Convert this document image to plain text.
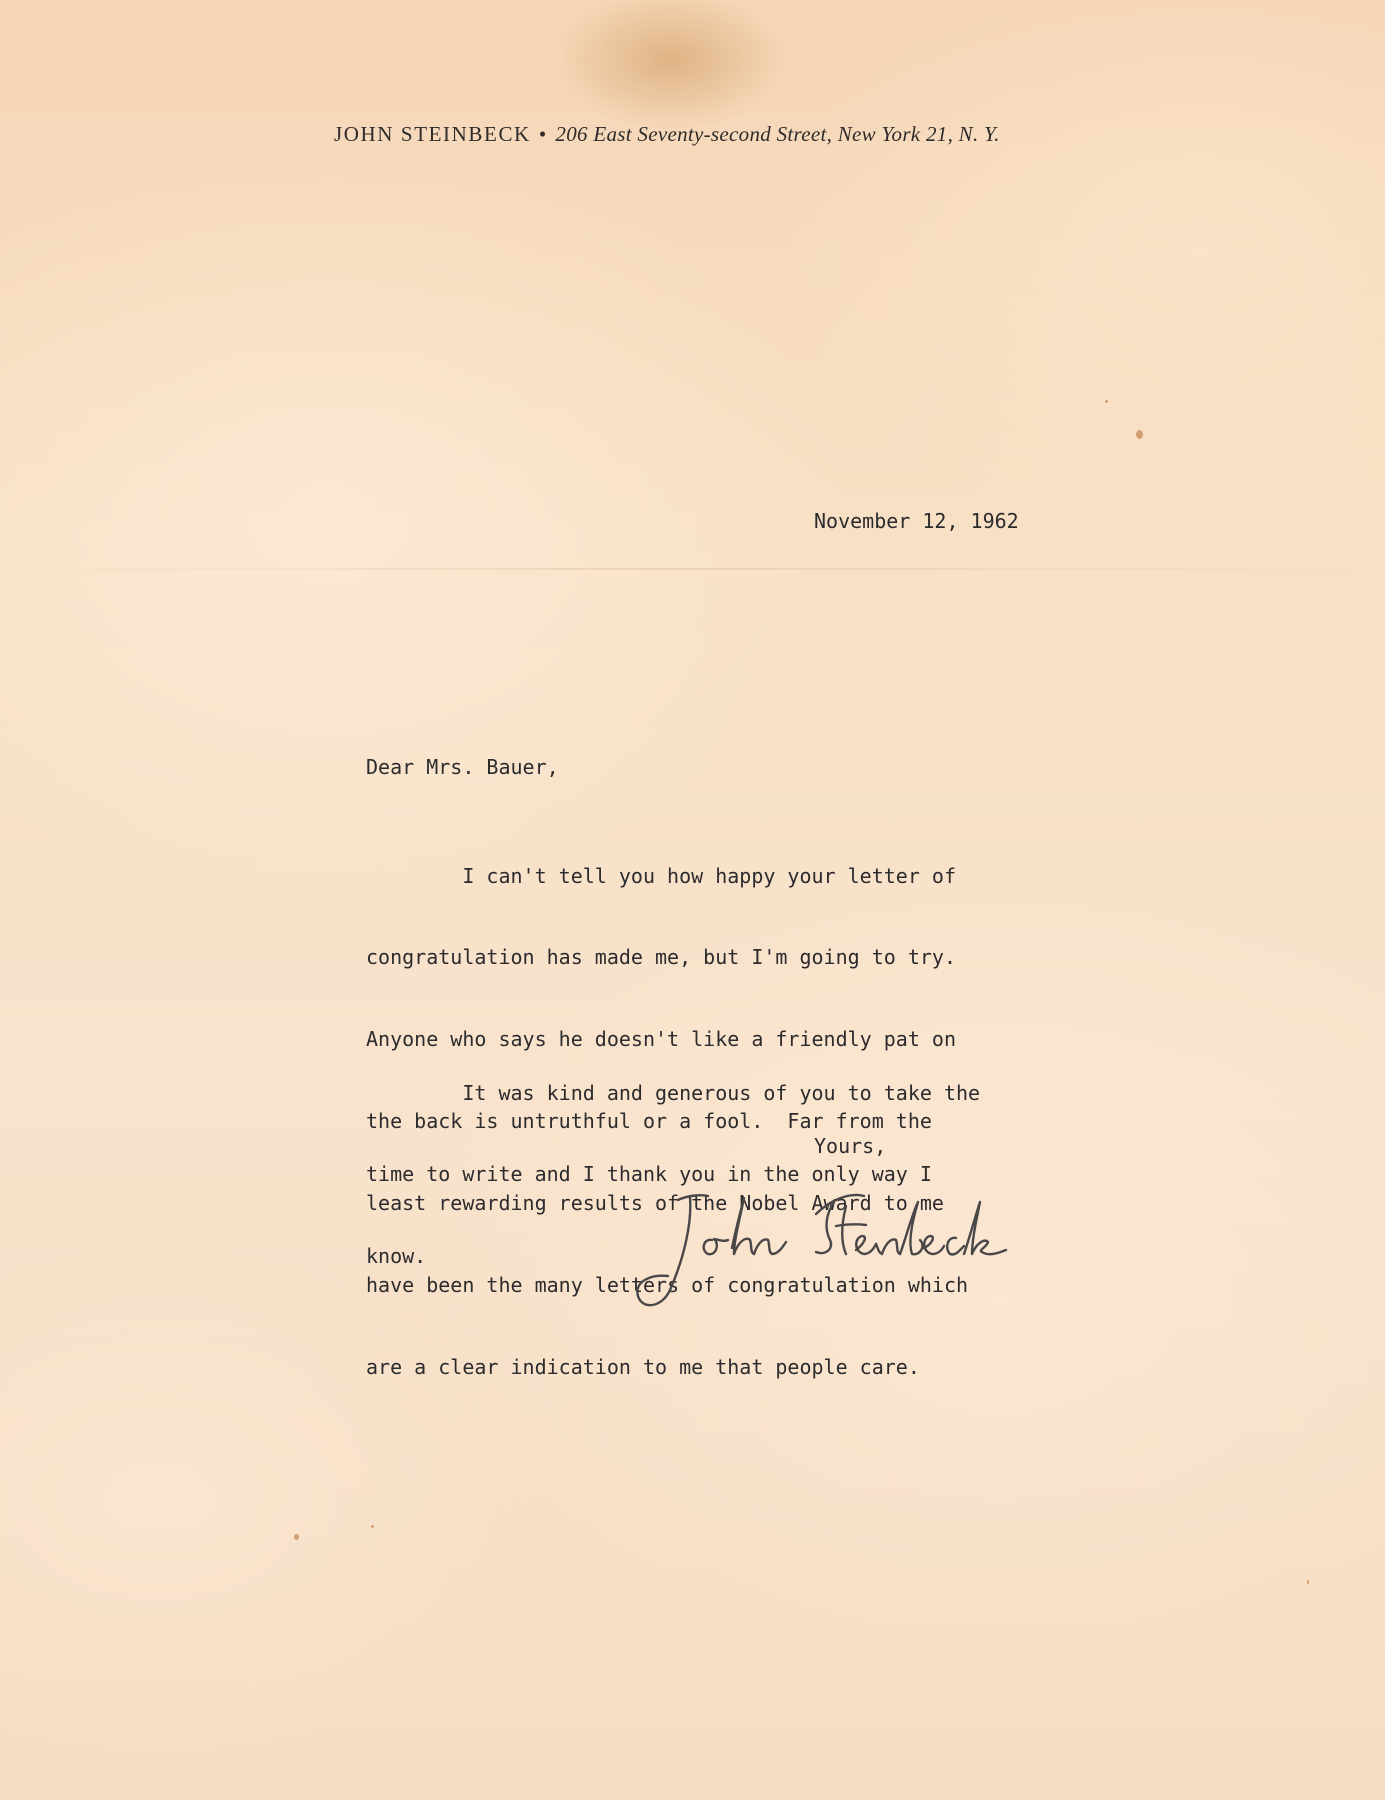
JOHN STEINBECK • 206 East Seventy-second Street, New York 21, N. Y.
November 12, 1962
Dear Mrs. Bauer,

I can't tell you how happy your letter of

congratulation has made me, but I'm going to try.

Anyone who says he doesn't like a friendly pat on

the back is untruthful or a fool.  Far from the

least rewarding results of the Nobel Award to me

have been the many letters of congratulation which

are a clear indication to me that people care.

It was kind and generous of you to take the

time to write and I thank you in the only way I

know.

Yours,
